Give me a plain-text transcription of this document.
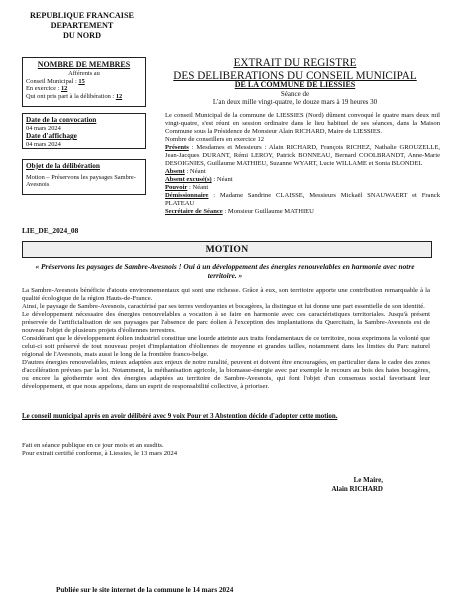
REPUBLIQUE FRANCAISE
DEPARTEMENT
DU NORD
NOMBRE DE MEMBRES
Afférents au
Conseil Municipal : 15
En exercice : 12
Qui ont pris part à la délibération : 12
Date de la convocation
04 mars 2024
Date d'affichage
04 mars 2024
Objet de la délibération
Motion – Préservons les paysages Sambre-Avesnois
LIE_DE_2024_08
EXTRAIT DU REGISTRE
DES DELIBERATIONS DU CONSEIL MUNICIPAL
DE LA COMMUNE DE LIESSIES
Séance de
L'an deux mille vingt-quatre, le douze mars à 19 heures 30

Le conseil Municipal de la commune de LIESSIES (Nord) dûment convoqué le quatre mars deux mil vingt-quatre, s'est réuni en session ordinaire dans le lieu habituel de ses séances, dans la Maison Commune sous la Présidence de Monsieur Alain RICHARD, Maire de LIESSIES.

Nombre de conseillers en exercice 12

Présents : Mesdames et Messieurs : Alain RICHARD, François RICHEZ, Nathalie GROUZELLE, Jean-Jacques DURANT, Rémi LEROY, Patrick BONNEAU, Bernard COOLBRANDT, Anne-Marie DESOIGNIES, Guillaume MATHIEU, Suzanne WYART, Lucie WILLAME et Sonia BLONDEL

Absent : Néant

Absent excusé(s) : Néant

Pouvoir : Néant

Démissionnaire : Madame Sandrine CLAISSE, Messieurs Mickaël SNAUWAERT et Franck PLATEAU

Secrétaire de Séance : Monsieur Guillaume MATHIEU

MOTION
« Préservons les paysages de Sambre-Avesnois ! Oui à un développement des énergies renouvelables en harmonie avec notre territoire. »

La Sambre-Avesnois bénéficie d'atouts environnementaux qui sont une richesse. Grâce à eux, son territoire apporte une contribution remarquable à la qualité écologique de la région Hauts-de-France.

Ainsi, le paysage de Sambre-Avesnois, caractérisé par ses terres verdoyantes et bocagères, la distingue et lui donne une part essentielle de son identité.

Le développement nécessaire des énergies renouvelables a vocation à se faire en harmonie avec ces caractéristiques territoriales. Jusqu'à présent préservée de l'artificialisation de ses paysages par l'absence de parc éolien à l'exception des implantations du Quercitain, la Sambre-Avesnois est de nouveau l'objet de plusieurs projets d'éoliennes terrestres.

Considérant que le développement éolien industriel constitue une lourde atteinte aux traits fondamentaux de ce territoire, nous exprimons la volonté que celui-ci soit préservé de tout nouveau projet d'implantation d'éoliennes de moyenne et grandes tailles, notamment dans les limites du Parc naturel régional de l'Avesnois, mais aussi le long de la frontière franco-belge.

D'autres énergies renouvelables, mieux adaptées aux enjeux de notre ruralité, peuvent et doivent être encouragées, en particulier dans le cadre des zones d'accélération prévues par la loi. Notamment, la méthanisation agricole, la biomasse-énergie avec par exemple le recours au bois des haies bocagères, ou encore la géothermie sont des énergies adaptées au territoire de Sambre-Avesnois, qui font l'objet d'un consensus social favorisant leur développement, et que nous appelons, dans un esprit de responsabilité collective, à prioriser.

Le conseil municipal après en avoir délibéré avec 9 voix Pour et 3 Abstention décide d'adopter cette motion.
Fait en séance publique en ce jour mois et an susdits.
Pour extrait certifié conforme, à Liessies, le 13 mars 2024
Le Maire,
Alain RICHARD
Publiée sur le site internet de la commune le 14 mars 2024
